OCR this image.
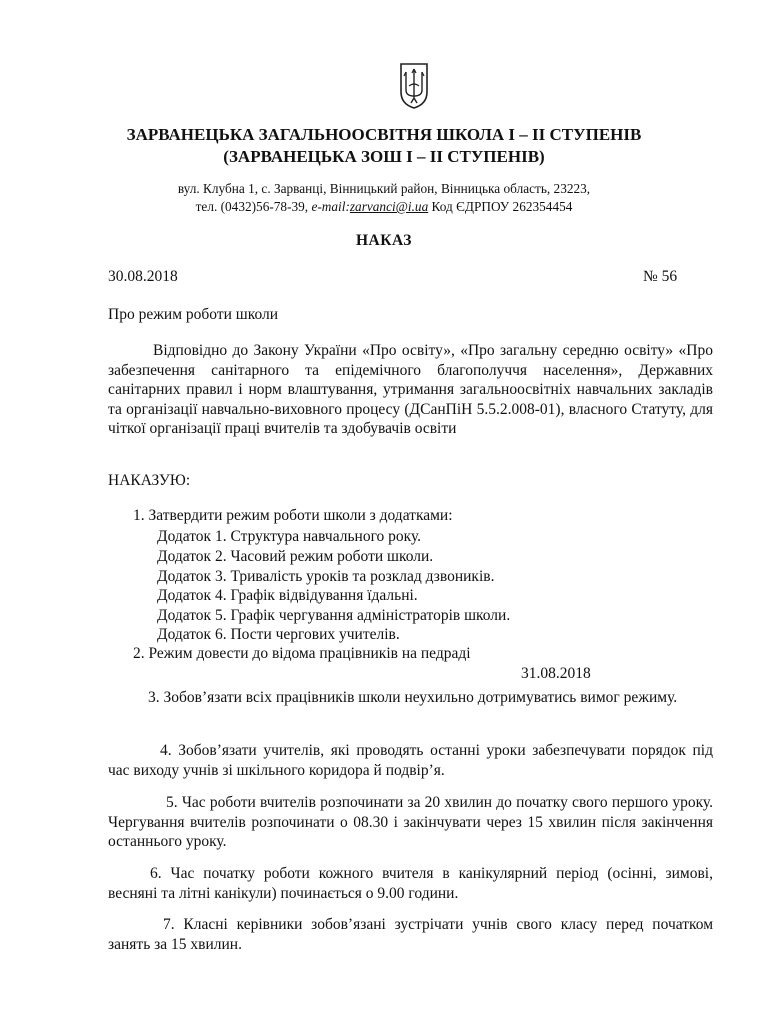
ЗАРВАНЕЦЬКА ЗАГАЛЬНООСВІТНЯ ШКОЛА І – ІІ СТУПЕНІВ
(ЗАРВАНЕЦЬКА ЗОШ І – ІІ СТУПЕНІВ)
вул. Клубна 1, с. Зарванці, Вінницький район, Вінницька область, 23223,
тел. (0432)56-78-39, e-mail:zarvanci@i.ua Код ЄДРПОУ 262354454
НАКАЗ
30.08.2018	№ 56
Про режим роботи школи

Відповідно до Закону України «Про освіту», «Про загальну середню освіту» «Про забезпечення санітарного та епідемічного благополуччя населення», Державних санітарних правил і норм влаштування, утримання загальноосвітніх навчальних закладів та організації навчально-виховного процесу (ДСанПіН 5.5.2.008-01), власного Статуту, для чіткої організації праці вчителів та здобувачів освіти

НАКАЗУЮ:
1. Затвердити режим роботи школи з додатками:
Додаток 1. Структура навчального року.
Додаток 2. Часовий режим роботи школи.
Додаток 3. Тривалість уроків та розклад дзвоників.
Додаток 4. Графік відвідування їдальні.
Додаток 5. Графік чергування адміністраторів школи.
Додаток 6. Пости чергових учителів.
2. Режим довести до відома працівників на педраді
31.08.2018

3. Зобов’язати всіх працівників школи неухильно дотримуватись вимог режиму.

4. Зобов’язати учителів, які проводять останні уроки забезпечувати порядок під час виходу учнів зі шкільного коридора й подвір’я.

5. Час роботи вчителів розпочинати за 20 хвилин до початку свого першого уроку. Чергування вчителів розпочинати о 08.30 і закінчувати через 15 хвилин після закінчення останнього уроку.

6. Час початку роботи кожного вчителя в канікулярний період (осінні, зимові, весняні та літні канікули) починається о 9.00 години.

7. Класні керівники зобов’язані зустрічати учнів свого класу перед початком занять за 15 хвилин.
